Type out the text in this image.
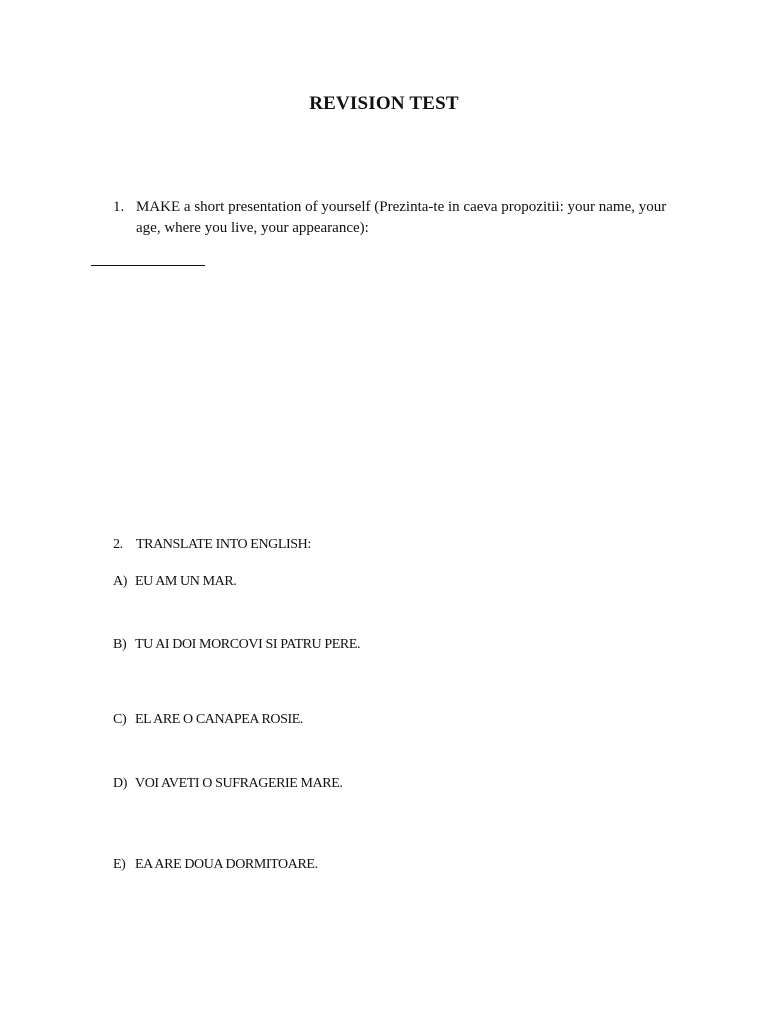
REVISION TEST
1. MAKE a short presentation of yourself (Prezinta-te in caeva propozitii: your name, your age, where you live, your appearance):
2. TRANSLATE INTO ENGLISH:
A) EU AM UN MAR.
B) TU AI DOI MORCOVI SI PATRU PERE.
C) EL ARE O CANAPEA ROSIE.
D) VOI AVETI O SUFRAGERIE MARE.
E) EA ARE DOUA DORMITOARE.
